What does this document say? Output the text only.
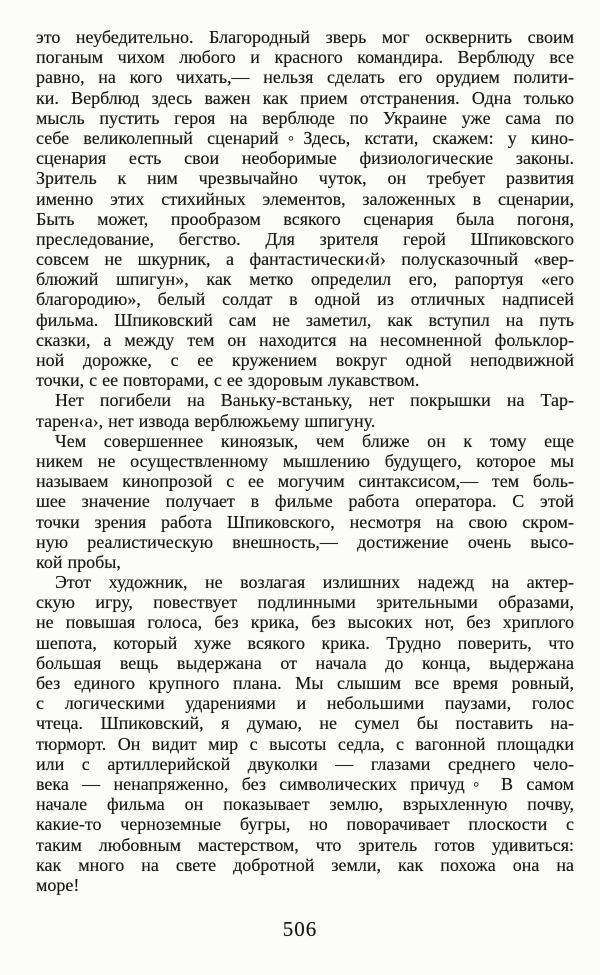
это неубедительно. Благородный зверь мог осквернить своим
поганым чихом любого и красного командира. Верблюду все
равно, на кого чихать,— нельзя сделать его орудием полити-
ки. Верблюд здесь важен как прием отстранения. Одна только
мысль пустить героя на верблюде по Украине уже сама по
себе великолепный сценарий◦Здесь, кстати, скажем: у кино-
сценария есть свои необоримые физиологические законы.
Зритель к ним чрезвычайно чуток, он требует развития
именно этих стихийных элементов, заложенных в сценарии,
Быть может, прообразом всякого сценария была погоня,
преследование, бегство. Для зрителя герой Шпиковского
совсем не шкурник, а фантастически‹й› полусказочный «вер-
блюжий шпигун», как метко определил его, рапортуя «его
благородию», белый солдат в одной из отличных надписей
фильма. Шпиковский сам не заметил, как вступил на путь
сказки, а между тем он находится на несомненной фольклор-
ной дорожке, с ее кружением вокруг одной неподвижной
точки, с ее повторами, с ее здоровым лукавством.
Нет погибели на Ваньку-встаньку, нет покрышки на Тар-
тарен‹а›, нет извода верблюжьему шпигуну.
Чем совершеннее киноязык, чем ближе он к тому еще
никем не осуществленному мышлению будущего, которое мы
называем кинопрозой с ее могучим синтаксисом,— тем боль-
шее значение получает в фильме работа оператора. С этой
точки зрения работа Шпиковского, несмотря на свою скром-
ную реалистическую внешность,— достижение очень высо-
кой пробы,
Этот художник, не возлагая излишних надежд на актер-
скую игру, повествует подлинными зрительными образами,
не повышая голоса, без крика, без высоких нот, без хриплого
шепота, который хуже всякого крика. Трудно поверить, что
большая вещь выдержана от начала до конца, выдержана
без единого крупного плана. Мы слышим все время ровный,
с логическими ударениями и небольшими паузами, голос
чтеца. Шпиковский, я думаю, не сумел бы поставить на-
тюрморт. Он видит мир с высоты седла, с вагонной площадки
или с артиллерийской двуколки — глазами среднего чело-
века — ненапряженно, без символических причуд◦ В самом
начале фильма он показывает землю, взрыхленную почву,
какие-то черноземные бугры, но поворачивает плоскости с
таким любовным мастерством, что зритель готов удивиться:
как много на свете добротной земли, как похожа она на
море!
506
